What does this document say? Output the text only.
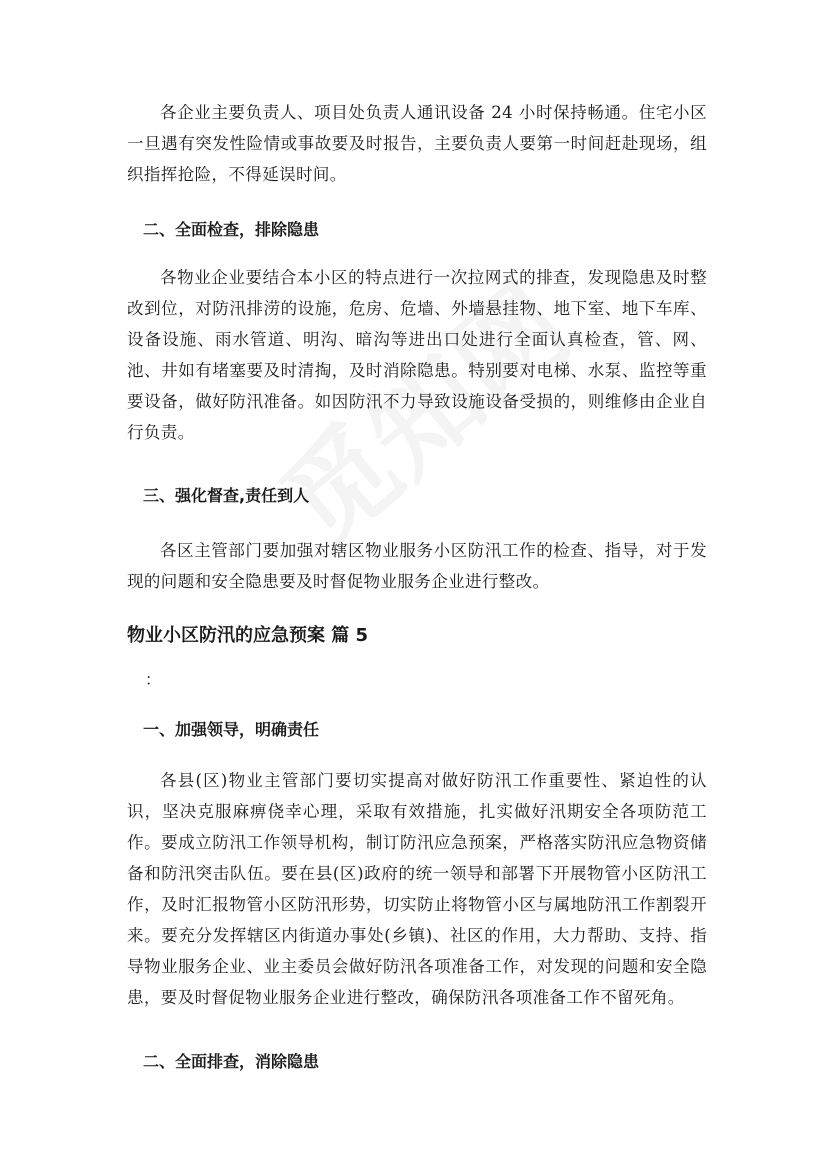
各企业主要负责人、项目处负责人通讯设备 24 小时保持畅通。住宅小区一旦遇有突发性险情或事故要及时报告，主要负责人要第一时间赶赴现场，组织指挥抢险，不得延误时间。

二、全面检查，排除隐患

各物业企业要结合本小区的特点进行一次拉网式的排查，发现隐患及时整改到位，对防汛排涝的设施，危房、危墙、外墙悬挂物、地下室、地下车库、设备设施、雨水管道、明沟、暗沟等进出口处进行全面认真检查，管、网、池、井如有堵塞要及时清掏，及时消除隐患。特别要对电梯、水泵、监控等重要设备，做好防汛准备。如因防汛不力导致设施设备受损的，则维修由企业自行负责。

三、强化督查,责任到人

各区主管部门要加强对辖区物业服务小区防汛工作的检查、指导，对于发现的问题和安全隐患要及时督促物业服务企业进行整改。

物业小区防汛的应急预案 篇 5

：

一、加强领导，明确责任

各县(区)物业主管部门要切实提高对做好防汛工作重要性、紧迫性的认识，坚决克服麻痹侥幸心理，采取有效措施，扎实做好汛期安全各项防范工作。要成立防汛工作领导机构，制订防汛应急预案，严格落实防汛应急物资储备和防汛突击队伍。要在县(区)政府的统一领导和部署下开展物管小区防汛工作，及时汇报物管小区防汛形势，切实防止将物管小区与属地防汛工作割裂开来。要充分发挥辖区内街道办事处(乡镇)、社区的作用，大力帮助、支持、指导物业服务企业、业主委员会做好防汛各项准备工作，对发现的问题和安全隐患，要及时督促物业服务企业进行整改，确保防汛各项准备工作不留死角。

二、全面排查，消除隐患
